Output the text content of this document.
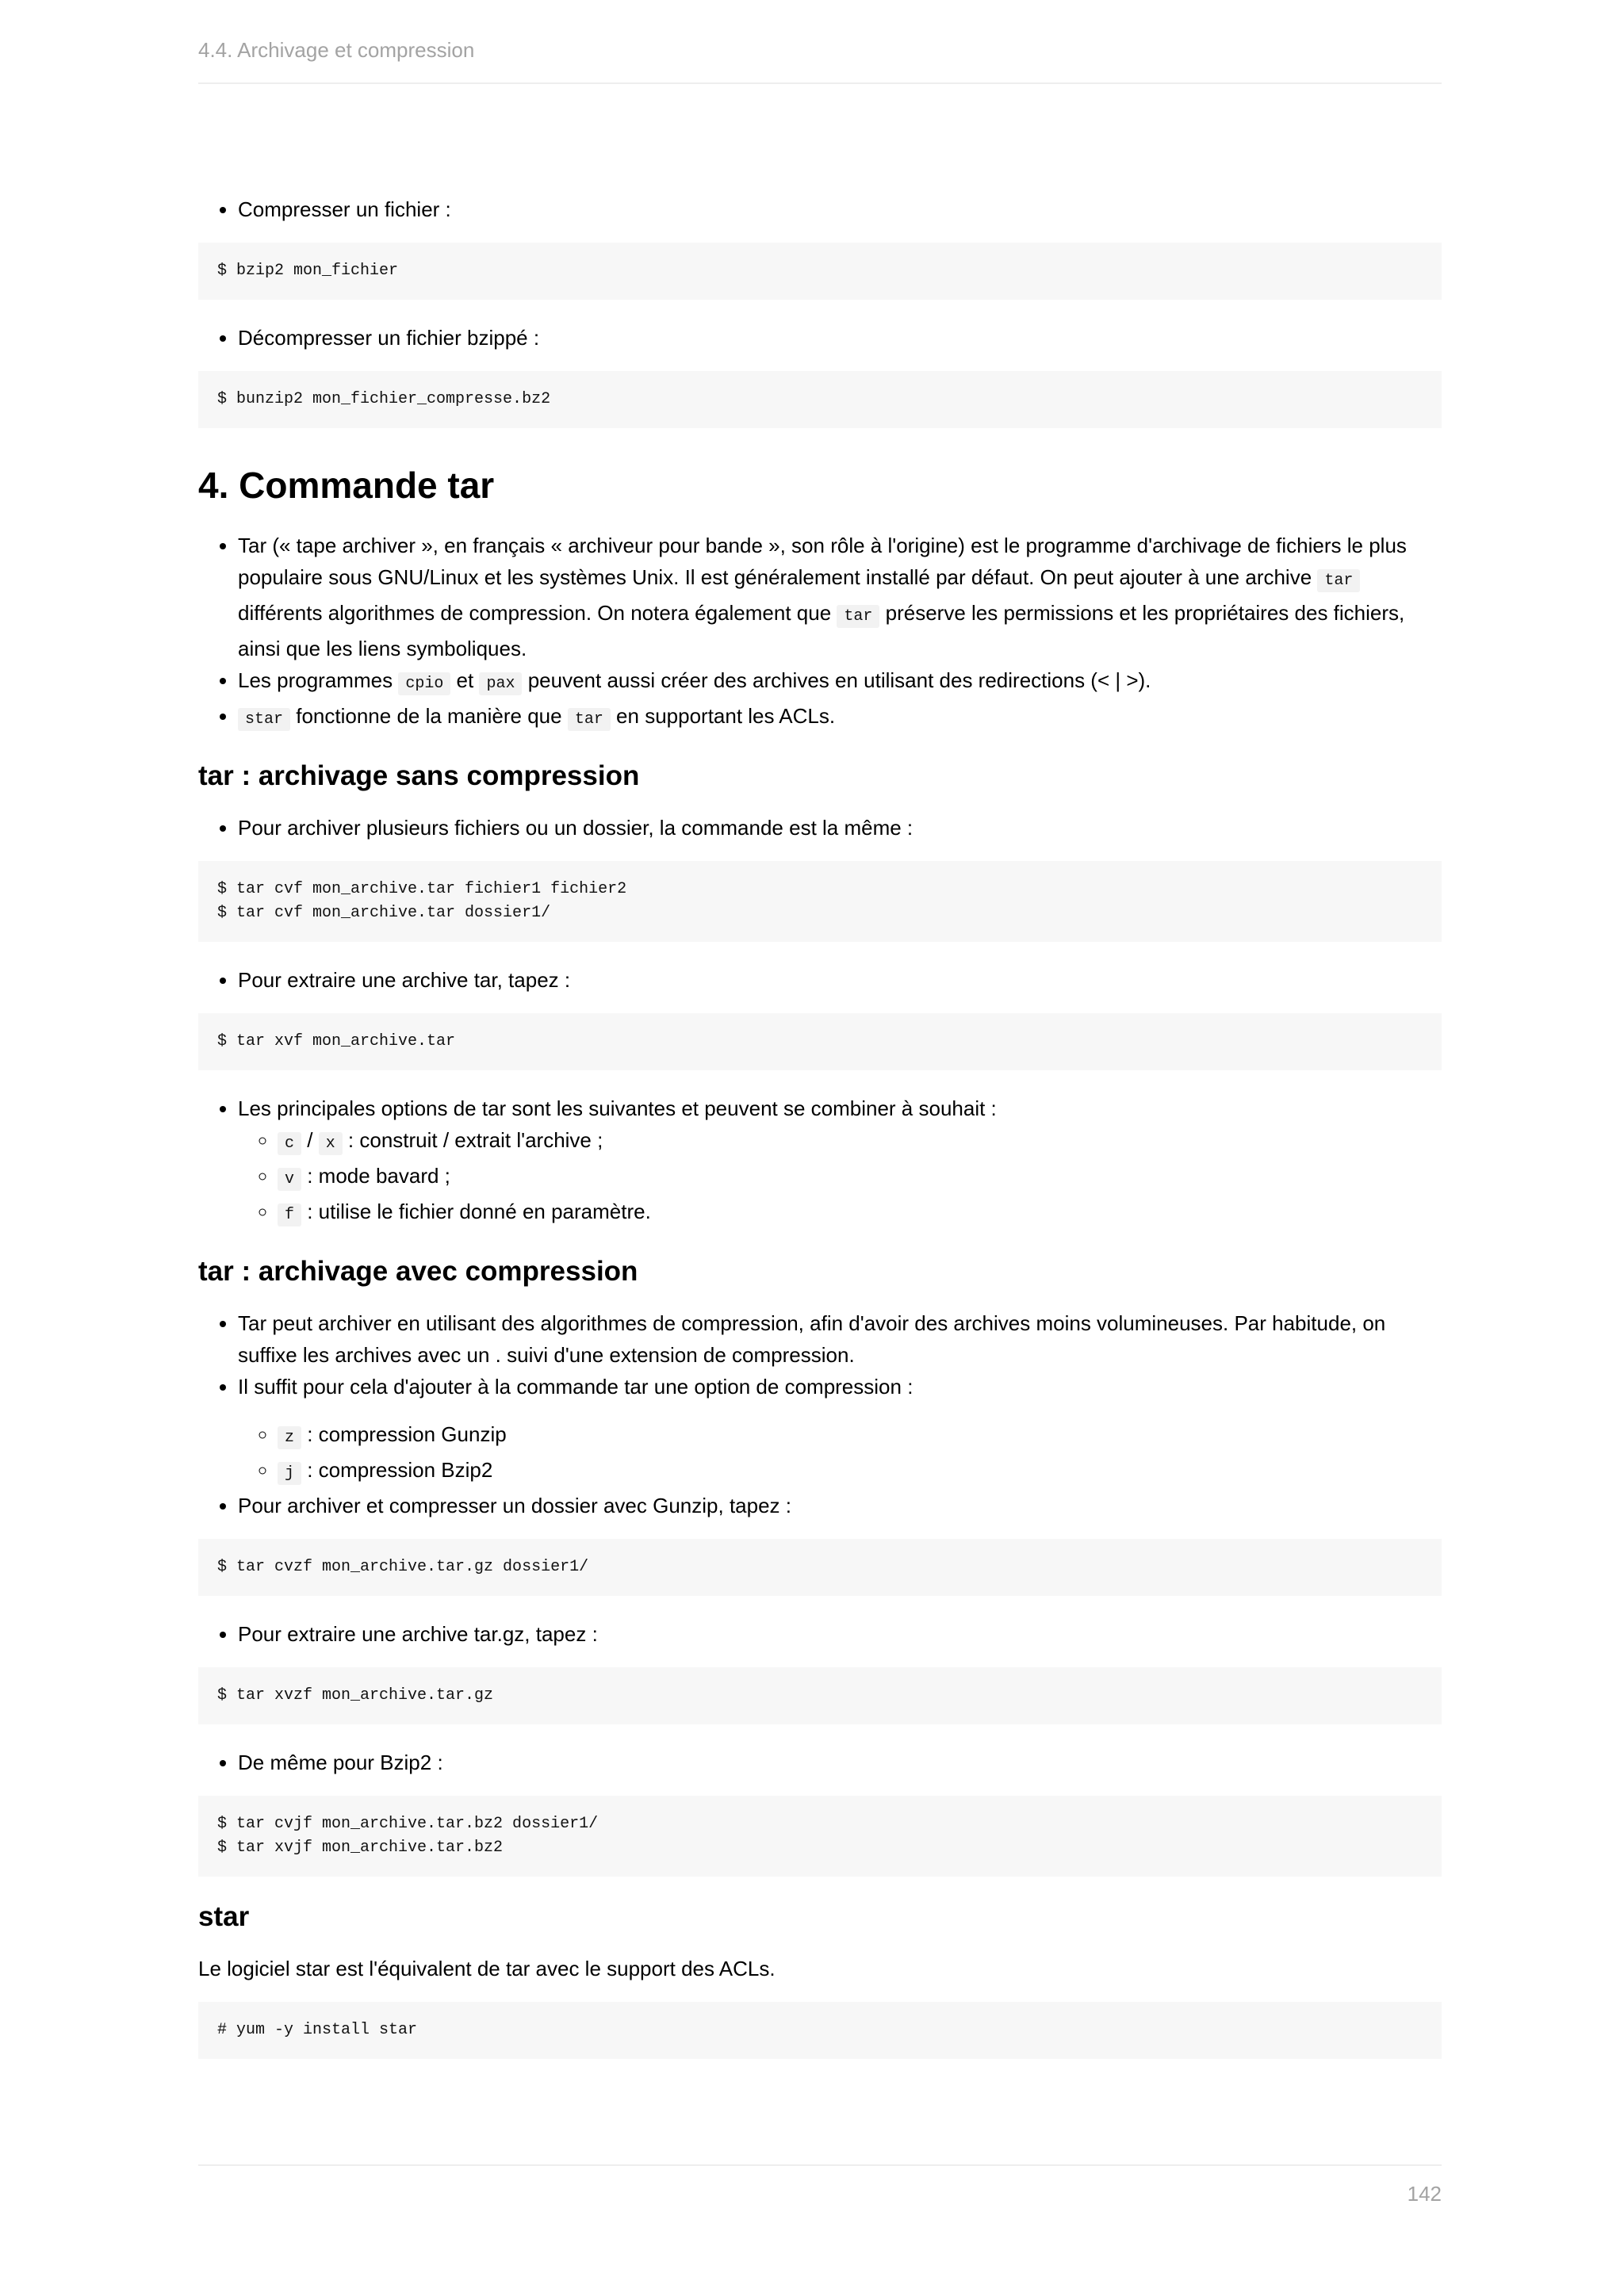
4.4. Archivage et compression
• Compresser un fichier :
$ bzip2 mon_fichier
• Décompresser un fichier bzippé :
$ bunzip2 mon_fichier_compresse.bz2
4. Commande tar
• Tar (« tape archiver », en français « archiveur pour bande », son rôle à l'origine) est le programme d'archivage de fichiers le plus populaire sous GNU/Linux et les systèmes Unix. Il est généralement installé par défaut. On peut ajouter à une archive tar différents algorithmes de compression. On notera également que tar préserve les permissions et les propriétaires des fichiers, ainsi que les liens symboliques.
• Les programmes cpio et pax peuvent aussi créer des archives en utilisant des redirections (< | >).
• star fonctionne de la manière que tar en supportant les ACLs.
tar : archivage sans compression
• Pour archiver plusieurs fichiers ou un dossier, la commande est la même :
$ tar cvf mon_archive.tar fichier1 fichier2
$ tar cvf mon_archive.tar dossier1/
• Pour extraire une archive tar, tapez :
$ tar xvf mon_archive.tar
• Les principales options de tar sont les suivantes et peuvent se combiner à souhait :
◦ c / x : construit / extrait l'archive ;
◦ v : mode bavard ;
◦ f : utilise le fichier donné en paramètre.
tar : archivage avec compression
• Tar peut archiver en utilisant des algorithmes de compression, afin d'avoir des archives moins volumineuses. Par habitude, on suffixe les archives avec un . suivi d'une extension de compression.
• Il suffit pour cela d'ajouter à la commande tar une option de compression :
◦ z : compression Gunzip
◦ j : compression Bzip2
• Pour archiver et compresser un dossier avec Gunzip, tapez :
$ tar cvzf mon_archive.tar.gz dossier1/
• Pour extraire une archive tar.gz, tapez :
$ tar xvzf mon_archive.tar.gz
• De même pour Bzip2 :
$ tar cvjf mon_archive.tar.bz2 dossier1/
$ tar xvjf mon_archive.tar.bz2
star

Le logiciel star est l'équivalent de tar avec le support des ACLs.

# yum -y install star
142
